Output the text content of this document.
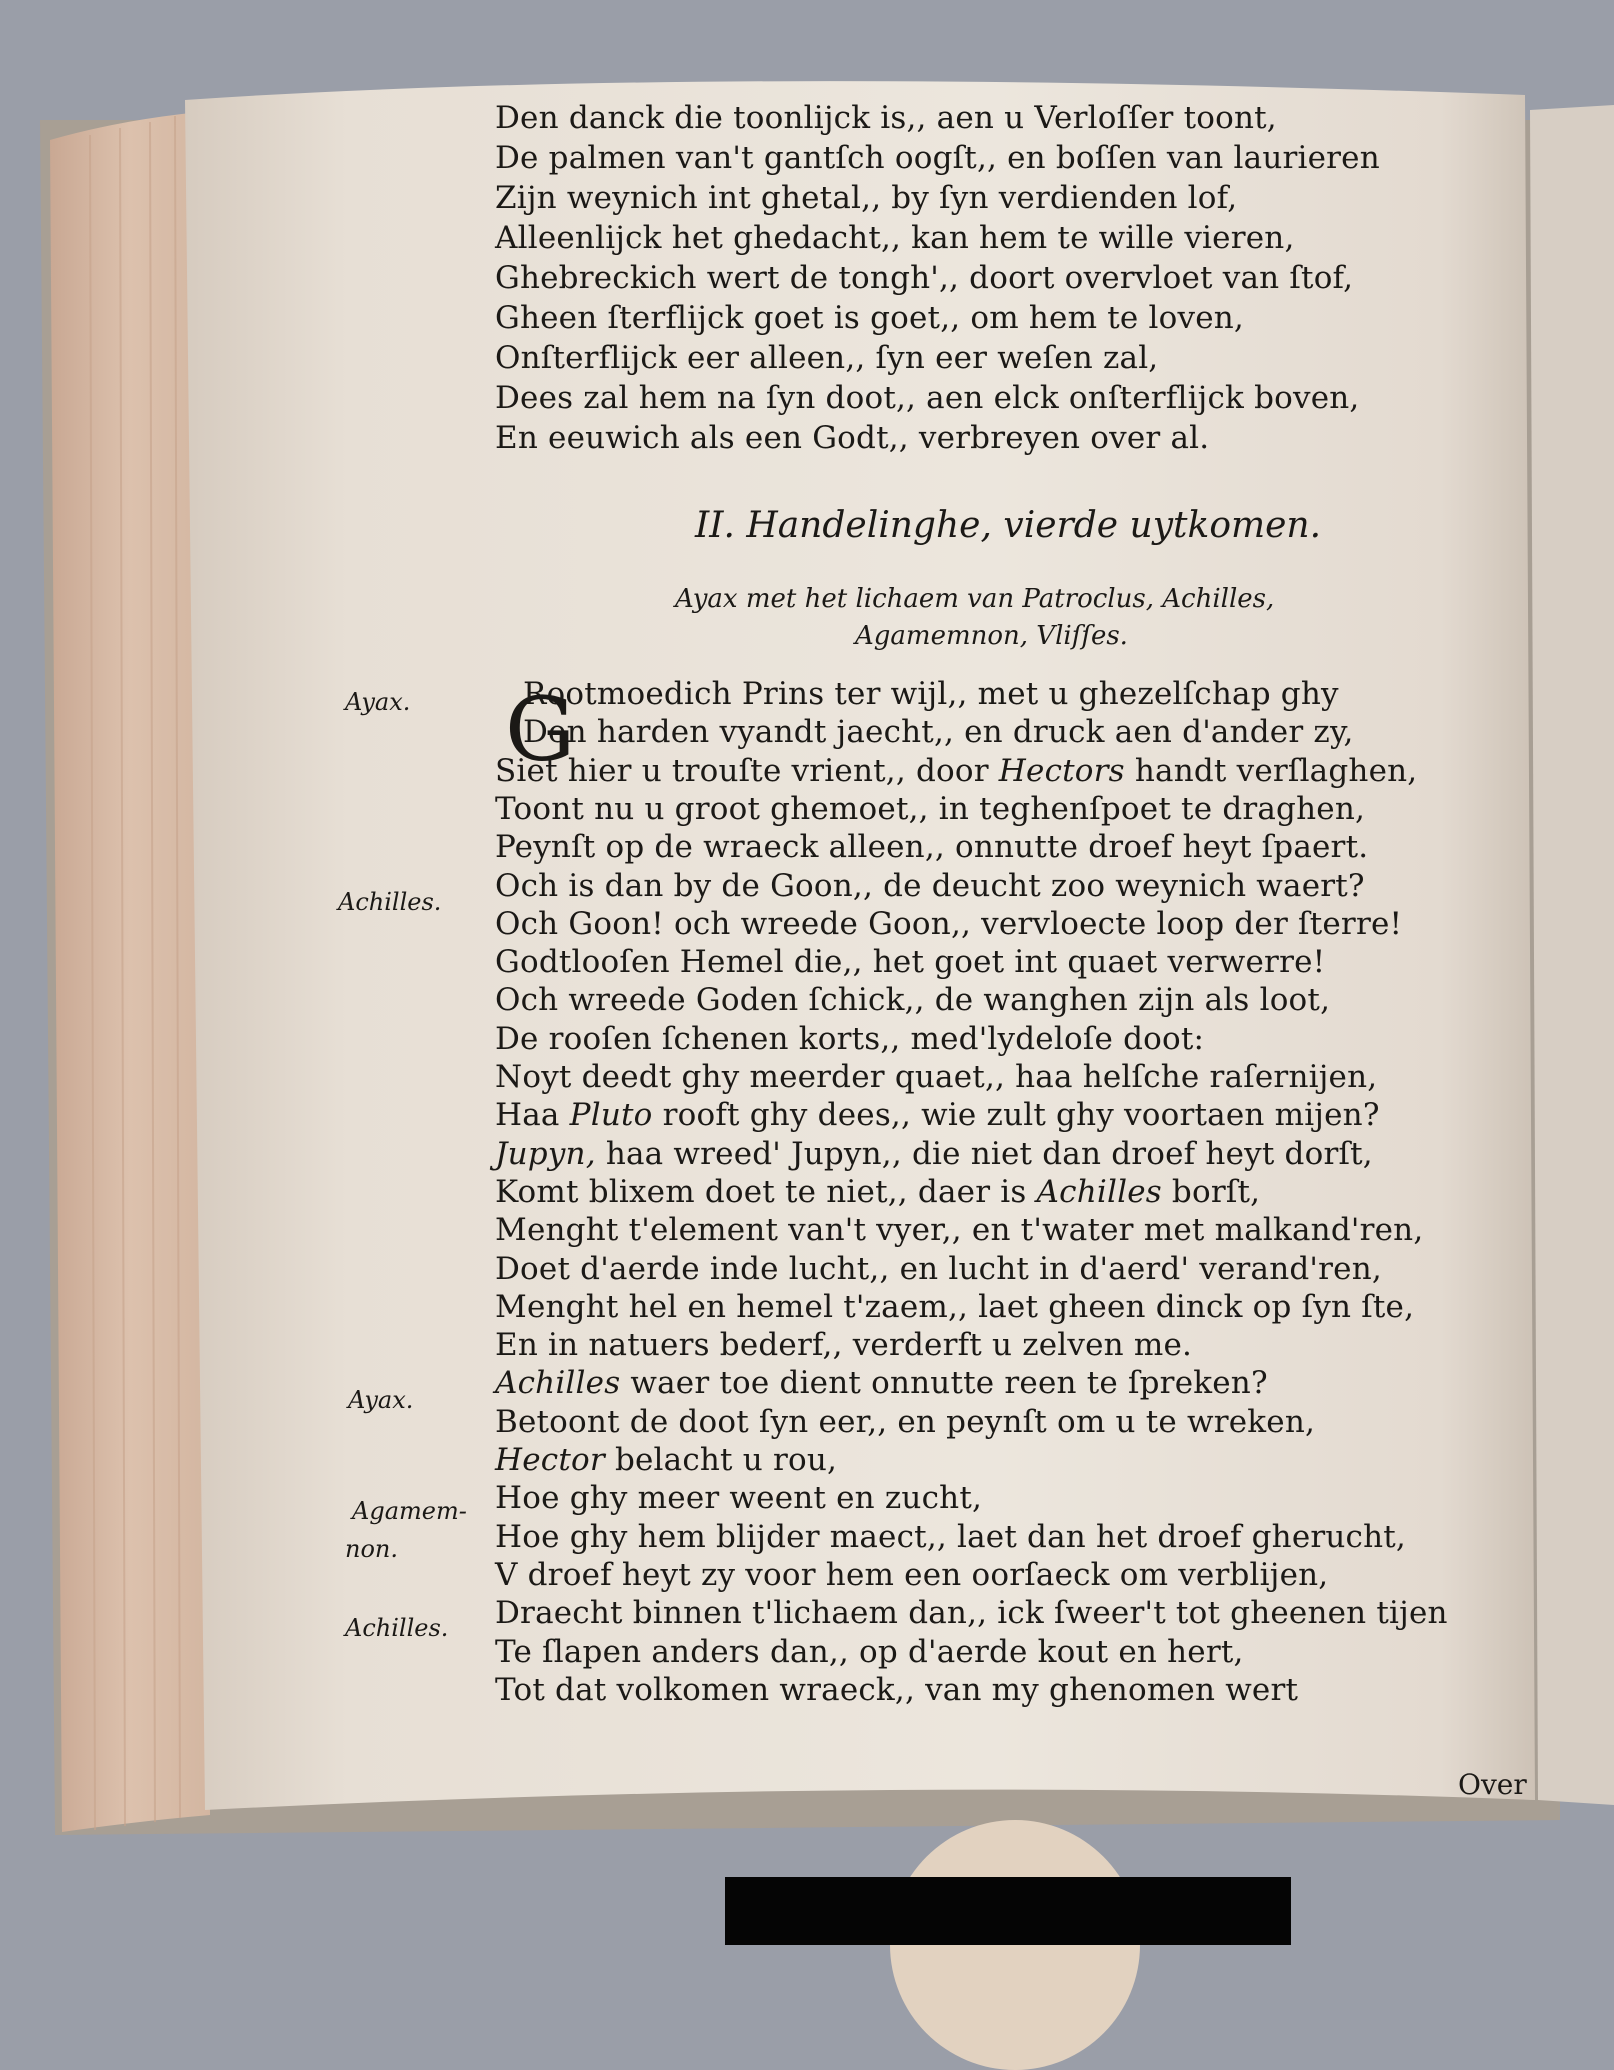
Den danck die toonlijck is,, aen u Verloſſer toont,
De palmen van't gantſch oogſt,, en boſſen van laurieren
Zijn weynich int ghetal,, by ſyn verdienden lof,
Alleenlijck het ghedacht,, kan hem te wille vieren,
Ghebreckich wert de tongh',, doort overvloet van ſtof,
Gheen ſterflijck goet is goet,, om hem te loven,
Onſterflijck eer alleen,, ſyn eer weſen zal,
Dees zal hem na ſyn doot,, aen elck onſterflijck boven,
En eeuwich als een Godt,, verbreyen over al.
II. Handelinghe, vierde uytkomen.
Ayax met het lichaem van Patroclus, Achilles,
Agamemnon, Vliſſes.
Ayax.
Achilles.
Ayax.
Agamem-
non.
Achilles.
G
Rootmoedich Prins ter wijl,, met u ghezelſchap ghy
Den harden vyandt jaecht,, en druck aen d'ander zy,
Siet hier u trouſte vrient,, door Hectors handt verſlaghen,
Toont nu u groot ghemoet,, in teghenſpoet te draghen,
Peynſt op de wraeck alleen,, onnutte droef heyt ſpaert.
Och is dan by de Goon,, de deucht zoo weynich waert?
Och Goon! och wreede Goon,, vervloecte loop der ſterre!
Godtlooſen Hemel die,, het goet int quaet verwerre!
Och wreede Goden ſchick,, de wanghen zijn als loot,
De rooſen ſchenen korts,, med'lydeloſe doot:
Noyt deedt ghy meerder quaet,, haa helſche raſernijen,
Haa Pluto rooft ghy dees,, wie zult ghy voortaen mijen?
Jupyn, haa wreed' Jupyn,, die niet dan droef heyt dorſt,
Komt blixem doet te niet,, daer is Achilles borſt,
Menght t'element van't vyer,, en t'water met malkand'ren,
Doet d'aerde inde lucht,, en lucht in d'aerd' verand'ren,
Menght hel en hemel t'zaem,, laet gheen dinck op ſyn ſte,
En in natuers bederf,, verderft u zelven me.
Achilles waer toe dient onnutte reen te ſpreken?
Betoont de doot ſyn eer,, en peynſt om u te wreken,
Hector belacht u rou,
Hoe ghy meer weent en zucht,
Hoe ghy hem blijder maect,, laet dan het droef gherucht,
V droef heyt zy voor hem een oorſaeck om verblijen,
Draecht binnen t'lichaem dan,, ick ſweer't tot gheenen tijen
Te ſlapen anders dan,, op d'aerde kout en hert,
Tot dat volkomen wraeck,, van my ghenomen wert
Over
